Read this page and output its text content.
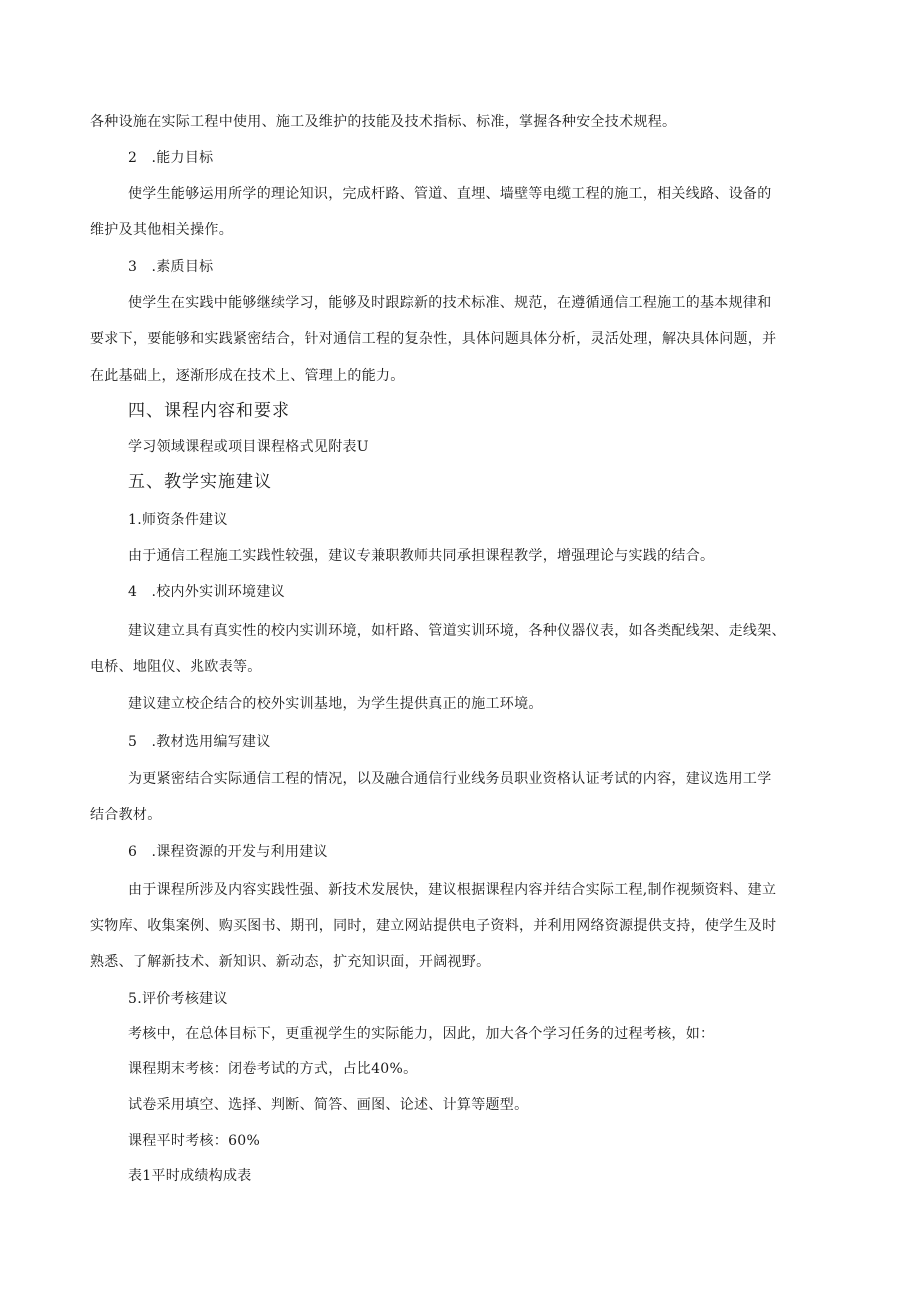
各种设施在实际工程中使用、施工及维护的技能及技术指标、标准，掌握各种安全技术规程。
2　.能力目标
使学生能够运用所学的理论知识，完成杆路、管道、直埋、墙壁等电缆工程的施工，相关线路、设备的
维护及其他相关操作。
3　.素质目标
使学生在实践中能够继续学习，能够及时跟踪新的技术标准、规范，在遵循通信工程施工的基本规律和
要求下，要能够和实践紧密结合，针对通信工程的复杂性，具体问题具体分析，灵活处理，解决具体问题，并
在此基础上，逐渐形成在技术上、管理上的能力。
四、课程内容和要求
学习领域课程或项目课程格式见附表U
五、教学实施建议
1.师资条件建议
由于通信工程施工实践性较强，建议专兼职教师共同承担课程教学，增强理论与实践的结合。
4　.校内外实训环境建议
建议建立具有真实性的校内实训环境，如杆路、管道实训环境，各种仪器仪表，如各类配线架、走线架、
电桥、地阻仪、兆欧表等。
建议建立校企结合的校外实训基地，为学生提供真正的施工环境。
5　.教材选用编写建议
为更紧密结合实际通信工程的情况，以及融合通信行业线务员职业资格认证考试的内容，建议选用工学
结合教材。
6　.课程资源的开发与利用建议
由于课程所涉及内容实践性强、新技术发展快，建议根据课程内容并结合实际工程,制作视频资料、建立
实物库、收集案例、购买图书、期刊，同时，建立网站提供电子资料，并利用网络资源提供支持，使学生及时
熟悉、了解新技术、新知识、新动态，扩充知识面，开阔视野。
5.评价考核建议
考核中，在总体目标下，更重视学生的实际能力，因此，加大各个学习任务的过程考核，如：
课程期末考核：闭卷考试的方式，占比40%。
试卷采用填空、选择、判断、简答、画图、论述、计算等题型。
课程平时考核：60%
表1平时成绩构成表
